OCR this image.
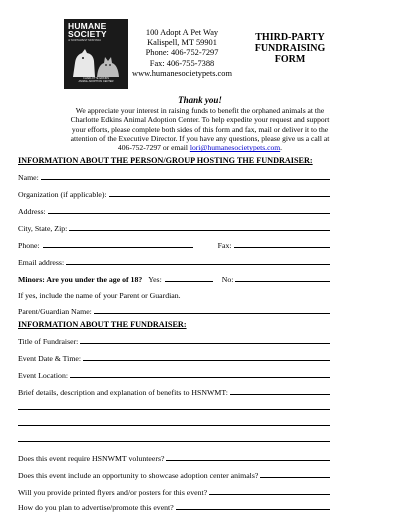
HUMANE
SOCIETY
of NORTHWEST MONTANA
CHARLOTTE EDKINS
ANIMAL ADOPTION CENTER
100 Adopt A Pet Way
Kalispell, MT 59901
Phone: 406-752-7297
Fax: 406-755-7388
www.humanesocietypets.com
THIRD-PARTY
FUNDRAISING
FORM
Thank you!
We appreciate your interest in raising funds to benefit the orphaned animals at the
Charlotte Edkins Animal Adoption Center. To help expedite your request and support
your efforts, please complete both sides of this form and fax, mail or deliver it to the
attention of the Executive Director. If you have any questions, please give us a call at
406-752-7297 or email lori@humanesocietypets.com.
INFORMATION ABOUT THE PERSON/GROUP HOSTING THE FUNDRAISER:
Name:
Organization (if applicable):
Address:
City, State, Zip:
Phone:	Fax:
Email address:
Minors: Are you under the age of 18? Yes:	No:
If yes, include the name of your Parent or Guardian.
Parent/Guardian Name:
INFORMATION ABOUT THE FUNDRAISER:
Title of Fundraiser:
Event Date & Time:
Event Location:
Brief details, description and explanation of benefits to HSNWMT:
Does this event require HSNWMT volunteers?
Does this event include an opportunity to showcase adoption center animals?
Will you provide printed flyers and/or posters for this event?
How do you plan to advertise/promote this event?
